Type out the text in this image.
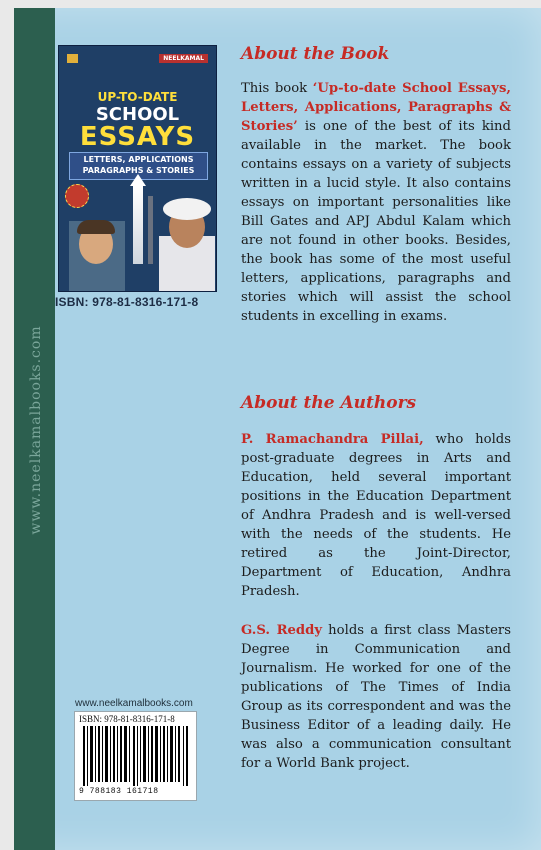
www.neelkamalbooks.com
NEELKAMAL
UP-TO-DATE
SCHOOL
ESSAYS
LETTERS, APPLICATIONS
PARAGRAPHS & STORIES
ISBN: 978-81-8316-171-8
About the Book

This book ‘Up-to-date School Essays, Letters, Applications, Paragraphs & Stories’ is one of the best of its kind available in the market. The book contains essays on a variety of subjects written in a lucid style. It also contains essays on important personalities like Bill Gates and APJ Abdul Kalam which are not found in other books. Besides, the book has some of the most useful letters, applications, paragraphs and stories which will assist the school students in excelling in exams.

About the Authors

P. Ramachandra Pillai, who holds post-graduate degrees in Arts and Education, held several important positions in the Education Department of Andhra Pradesh and is well-versed with the needs of the students. He retired as the Joint-Director, Department of Education, Andhra Pradesh.

G.S. Reddy holds a first class Masters Degree in Communication and Journalism. He worked for one of the publications of The Times of India Group as its correspondent and was the Business Editor of a leading daily. He was also a communication consultant for a World Bank project.

www.neelkamalbooks.com
ISBN: 978-81-8316-171-8
9 788183 161718
